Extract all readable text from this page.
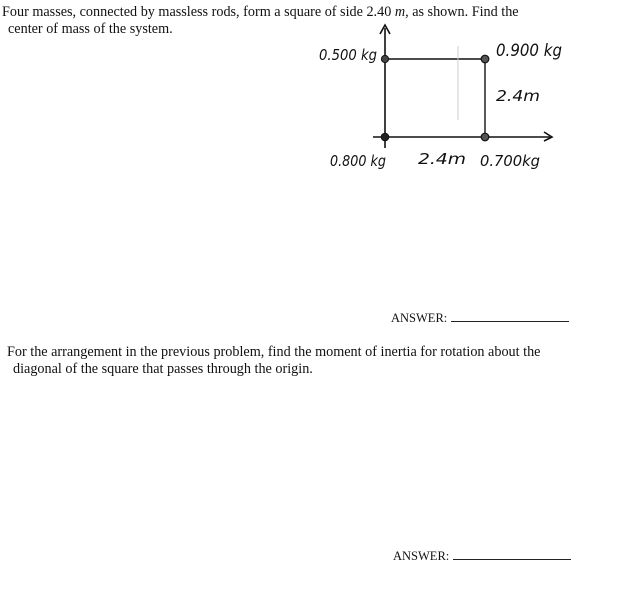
Four masses, connected by massless rods, form a square of side 2.40 m, as shown. Find the
center of mass of the system.
0.500 kg	0.900 kg
2.4m
0.800 kg 2.4m 0.700kg
ANSWER:
For the arrangement in the previous problem, find the moment of inertia for rotation about the
diagonal of the square that passes through the origin.
ANSWER:
